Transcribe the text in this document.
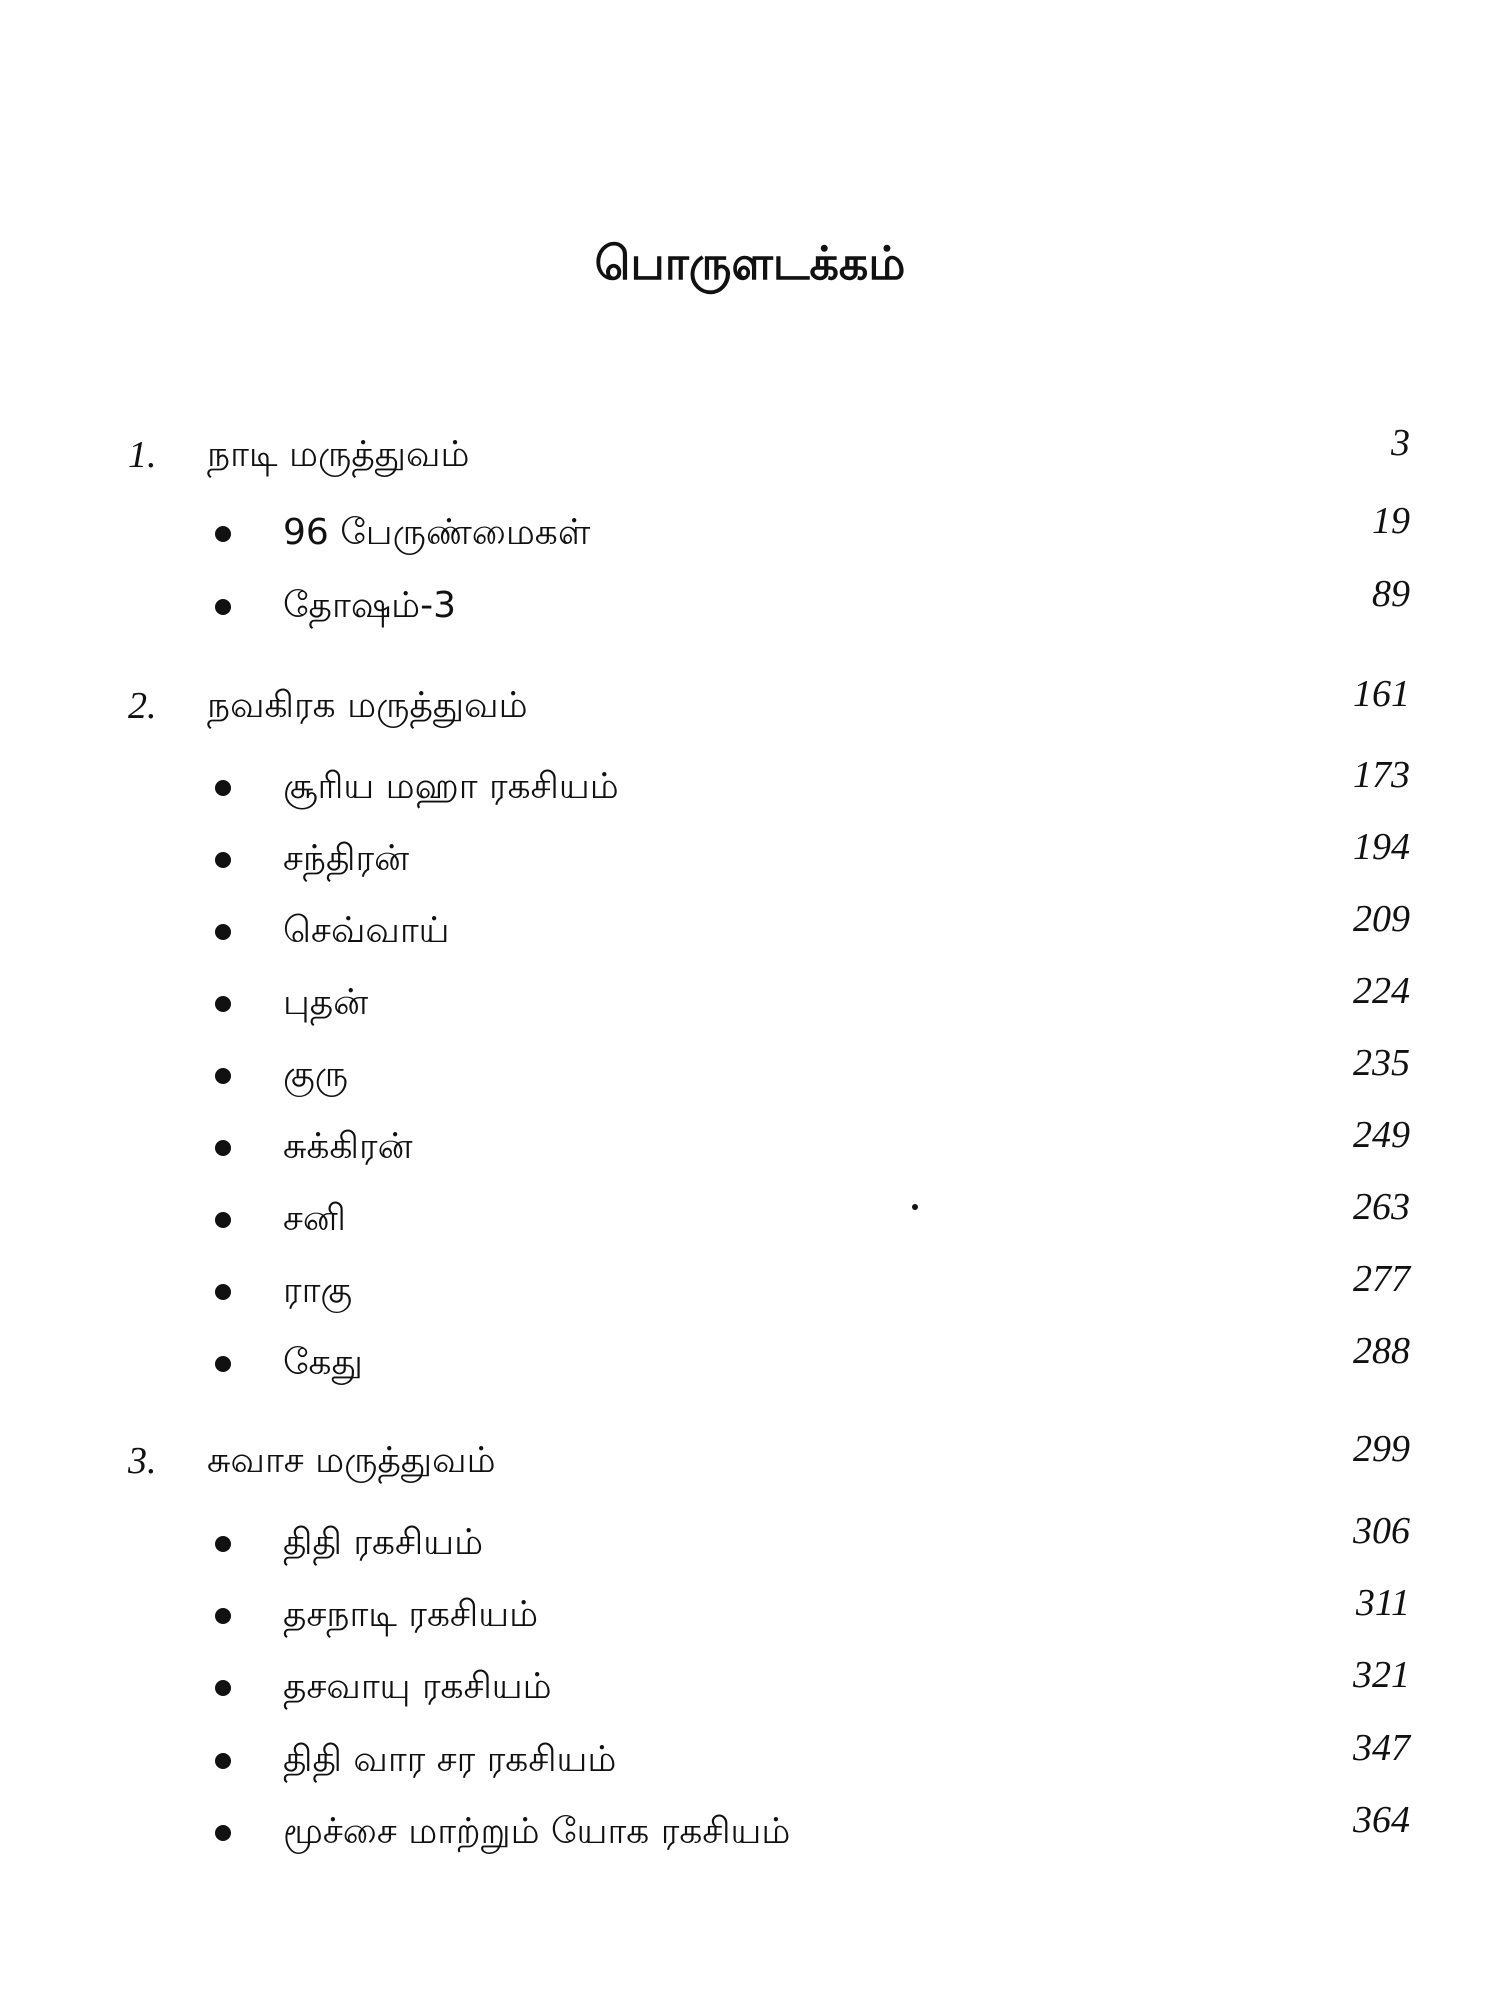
பொருளடக்கம்
1. நாடி மருத்துவம்	3
96 பேருண்மைகள்	19
தோஷம்-3	89
2. நவகிரக மருத்துவம்	161
சூரிய மஹா ரகசியம்	173
சந்திரன்	194
செவ்வாய்	209
புதன்	224
குரு	235
சுக்கிரன்	249
சனி	263
ராகு	277
கேது	288
3. சுவாச மருத்துவம்	299
திதி ரகசியம்	306
தசநாடி ரகசியம்	311
தசவாயு ரகசியம்	321
திதி வார சர ரகசியம்	347
மூச்சை மாற்றும் யோக ரகசியம்	364
